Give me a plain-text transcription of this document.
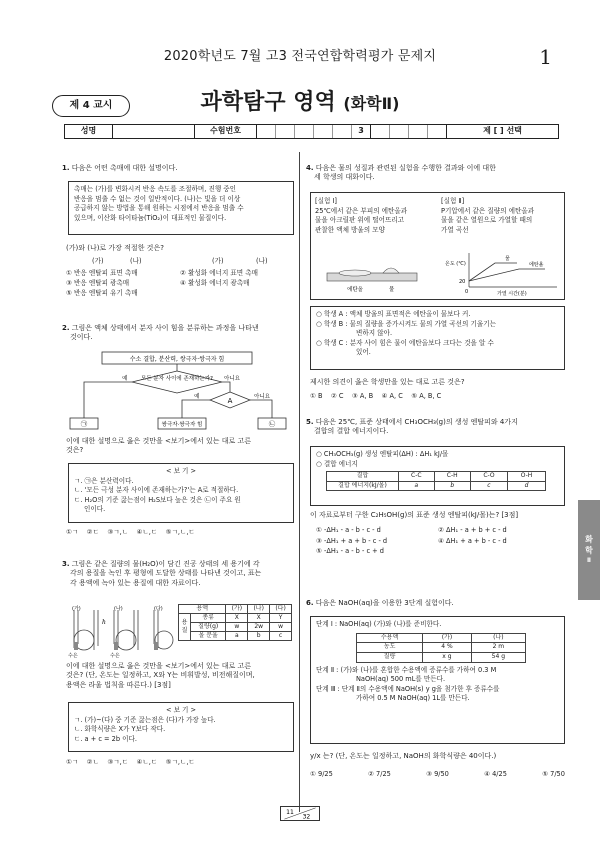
2020학년도 7월 고3 전국연합학력평가 문제지	1
제 4 교시	과학탐구 영역 (화학Ⅱ)
성명	수험번호	3	제 [ ] 선택
1. 다음은 어떤 촉매에 대한 설명이다.
촉매는 (가)를 변화시켜 반응 속도를 조절하며, 진행 중인
반응을 멈출 수 없는 것이 일반적이다. (나)는 빛을 더 이상
공급하지 않는 방법을 통해 원하는 시점에서 반응을 멈출 수
있으며, 이산화 타이타늄(TiO₂)이 대표적인 물질이다.
(가)와 (나)로 가장 적절한 것은?
(가)	(나)	(가)	(나)
① 반응 엔탈피 표면 촉매
③ 반응 엔탈피 광촉매
⑤ 반응 엔탈피 유기 촉매
② 활성화 에너지 표면 촉매
④ 활성화 에너지 광촉매
2. 그림은 액체 상태에서 분자 사이 힘을 분류하는 과정을 나타낸
것이다.
수소 결합, 분산력, 쌍극자·쌍극자 힘
모든 분자 사이에 존재하는가?
예	아니요
A
예	아니요
㉠	쌍극자·쌍극자 힘	㉡
이에 대한 설명으로 옳은 것만을 <보기>에서 있는 대로 고른
것은?
< 보 기 >
ㄱ. ㉠은 분산력이다.
ㄴ. '모든 극성 분자 사이에 존재하는가?'는 A로 적절하다.
ㄷ. H₂O의 기준 끓는점이 H₂S보다 높은 것은 ㉡이 주요 원
인이다.
①ㄱ    ②ㄷ    ③ㄱ,ㄴ    ④ㄴ,ㄷ    ⑤ㄱ,ㄴ,ㄷ
3. 그림은 같은 질량의 물(H₂O)이 담긴 진공 상태의 세 용기에 각
각의 용질을 녹인 후 평형에 도달한 상태를 나타낸 것이고, 표는
각 용액에 녹아 있는 용질에 대한 자료이다.
(가)	(나)	(다)
h
수은	수은
용액		(가)	(나)	(다)
용질	종류	X	X	Y
	질량(g)	w	2w	w
	몰 분율	a	b	c
이에 대한 설명으로 옳은 것만을 <보기>에서 있는 대로 고른
것은? (단, 온도는 일정하고, X와 Y는 비휘발성, 비전해질이며,
용액은 라울 법칙을 따른다.) [3점]
< 보 기 >
ㄱ. (가)~(다) 중 기준 끓는점은 (다)가 가장 높다.
ㄴ. 화학식량은 X가 Y보다 작다.
ㄷ. a + c = 2b 이다.
①ㄱ    ②ㄴ    ③ㄱ,ㄷ    ④ㄴ,ㄷ    ⑤ㄱ,ㄴ,ㄷ
4. 다음은 물의 성질과 관련된 실험을 수행한 결과와 이에 대한
세 학생의 대화이다.
[실험 Ⅰ]
25℃에서 같은 부피의 에탄올과
물을 아크릴판 위에 떨어뜨리고
관찰한 액체 방울의 모양
[실험 Ⅱ]
P기압에서 같은 질량의 에탄올과
물을 같은 열원으로 가열할 때의
가열 곡선
에탄올	물
온도 (℃)
20
0
물
에탄올
가열 시간(분)
○ 학생 A : 액체 방울의 표면적은 에탄올이 물보다 커.
○ 학생 B : 물의 질량을 증가시켜도 물의 가열 곡선의 기울기는
변하지 않아.
○ 학생 C : 분자 사이 힘은 물이 에탄올보다 크다는 것을 알 수
있어.
제시한 의견이 옳은 학생만을 있는 대로 고른 것은?
① B    ② C    ③ A, B    ④ A, C    ⑤ A, B, C
5. 다음은 25℃, 표준 상태에서 CH₃OCH₃(g)의 생성 엔탈피와 4가지
결합의 결합 에너지이다.
○ CH₃OCH₃(g) 생성 엔탈피(ΔH) : ΔH₁ kJ/몰
○ 결합 에너지
결합	C-C	C-H	C-O	O-H
결합 에너지(kJ/몰)	a	b	c	d
이 자료로부터 구한 C₂H₅OH(g)의 표준 생성 엔탈피(kJ/몰)는? [3점]
① -ΔH₁ - a - b - c - d
③ -ΔH₁ + a + b - c - d
⑤ -ΔH₁ - a - b - c + d
② ΔH₁ - a + b + c - d
④ ΔH₁ + a + b - c - d
6. 다음은 NaOH(aq)을 이용한 3단계 실험이다.
단계 Ⅰ : NaOH(aq) (가)와 (나)를 준비한다.
수용액	(가)	(나)
농도	4 %	2 m
질량	x g	54 g
단계 Ⅱ : (가)와 (나)를 혼합한 수용액에 증류수를 가하여 0.3 M
NaOH(aq) 500 mL를 만든다.
단계 Ⅲ : 단계 Ⅱ의 수용액에 NaOH(s) y g을 첨가한 후 증류수를
가하여 0.5 M NaOH(aq) 1L를 만든다.
y/x 는? (단, 온도는 일정하고, NaOH의 화학식량은 40이다.)
① 9/25	② 7/25	③ 9/50	④ 4/25	⑤ 7/50
화
학
Ⅱ
11
32
